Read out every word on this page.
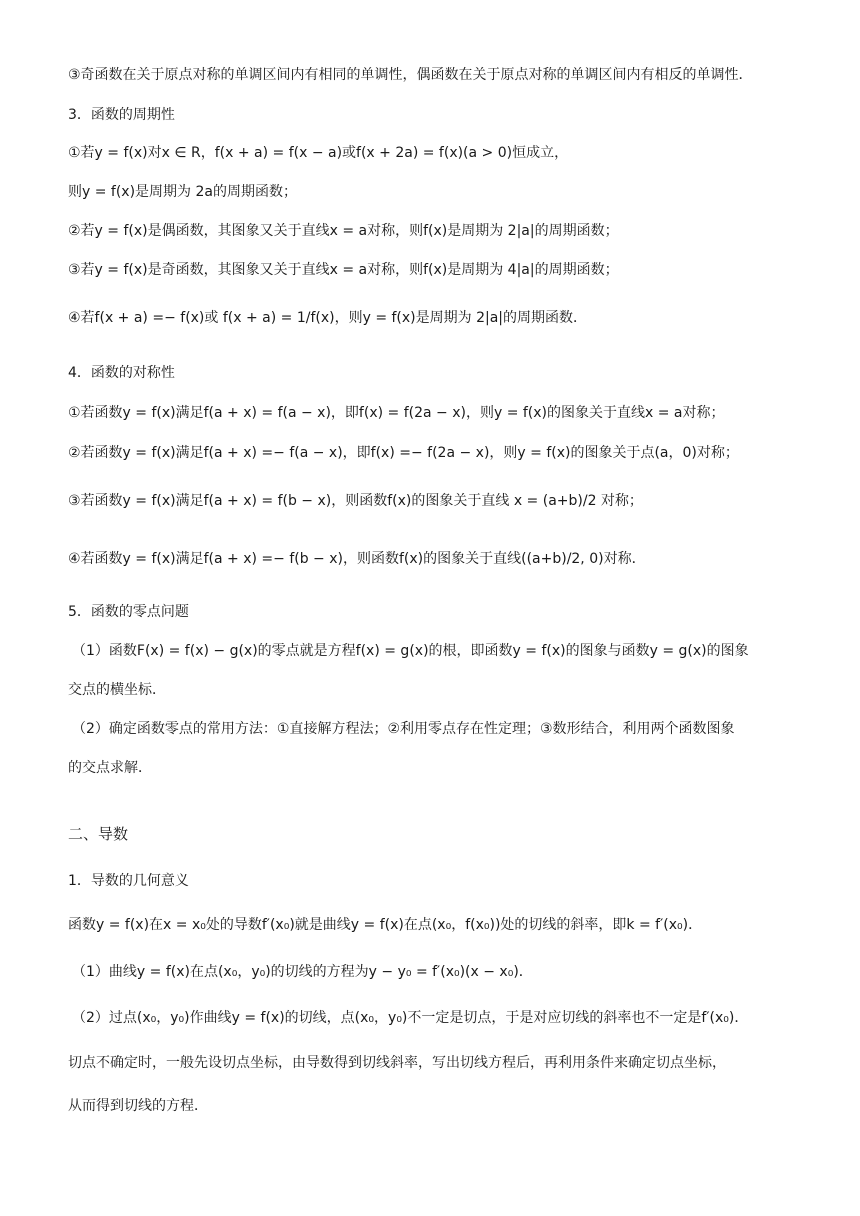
③奇函数在关于原点对称的单调区间内有相同的单调性，偶函数在关于原点对称的单调区间内有相反的单调性．
3．函数的周期性
①若y = f(x)对x ∈ R，f(x + a) = f(x − a)或f(x + 2a) = f(x)(a > 0)恒成立，
则y = f(x)是周期为 2a的周期函数；
②若y = f(x)是偶函数，其图象又关于直线x = a对称，则f(x)是周期为 2|a|的周期函数；
③若y = f(x)是奇函数，其图象又关于直线x = a对称，则f(x)是周期为 4|a|的周期函数；
④若f(x + a) =− f(x)或 f(x + a) = 1/f(x)，则y = f(x)是周期为 2|a|的周期函数．
4．函数的对称性
①若函数y = f(x)满足f(a + x) = f(a − x)，即f(x) = f(2a − x)，则y = f(x)的图象关于直线x = a对称；
②若函数y = f(x)满足f(a + x) =− f(a − x)，即f(x) =− f(2a − x)，则y = f(x)的图象关于点(a，0)对称；
③若函数y = f(x)满足f(a + x) = f(b − x)，则函数f(x)的图象关于直线 x = (a+b)/2 对称；
④若函数y = f(x)满足f(a + x) =− f(b − x)，则函数f(x)的图象关于直线((a+b)/2, 0)对称．
5．函数的零点问题
（1）函数F(x) = f(x) − g(x)的零点就是方程f(x) = g(x)的根，即函数y = f(x)的图象与函数y = g(x)的图象
交点的横坐标．
（2）确定函数零点的常用方法：①直接解方程法；②利用零点存在性定理；③数形结合，利用两个函数图象
的交点求解．
二、导数
1．导数的几何意义
函数y = f(x)在x = x₀处的导数f′(x₀)就是曲线y = f(x)在点(x₀，f(x₀))处的切线的斜率，即k = f′(x₀)．
（1）曲线y = f(x)在点(x₀，y₀)的切线的方程为y − y₀ = f′(x₀)(x − x₀)．
（2）过点(x₀，y₀)作曲线y = f(x)的切线，点(x₀，y₀)不一定是切点，于是对应切线的斜率也不一定是f′(x₀)．
切点不确定时，一般先设切点坐标，由导数得到切线斜率，写出切线方程后，再利用条件来确定切点坐标，
从而得到切线的方程．
